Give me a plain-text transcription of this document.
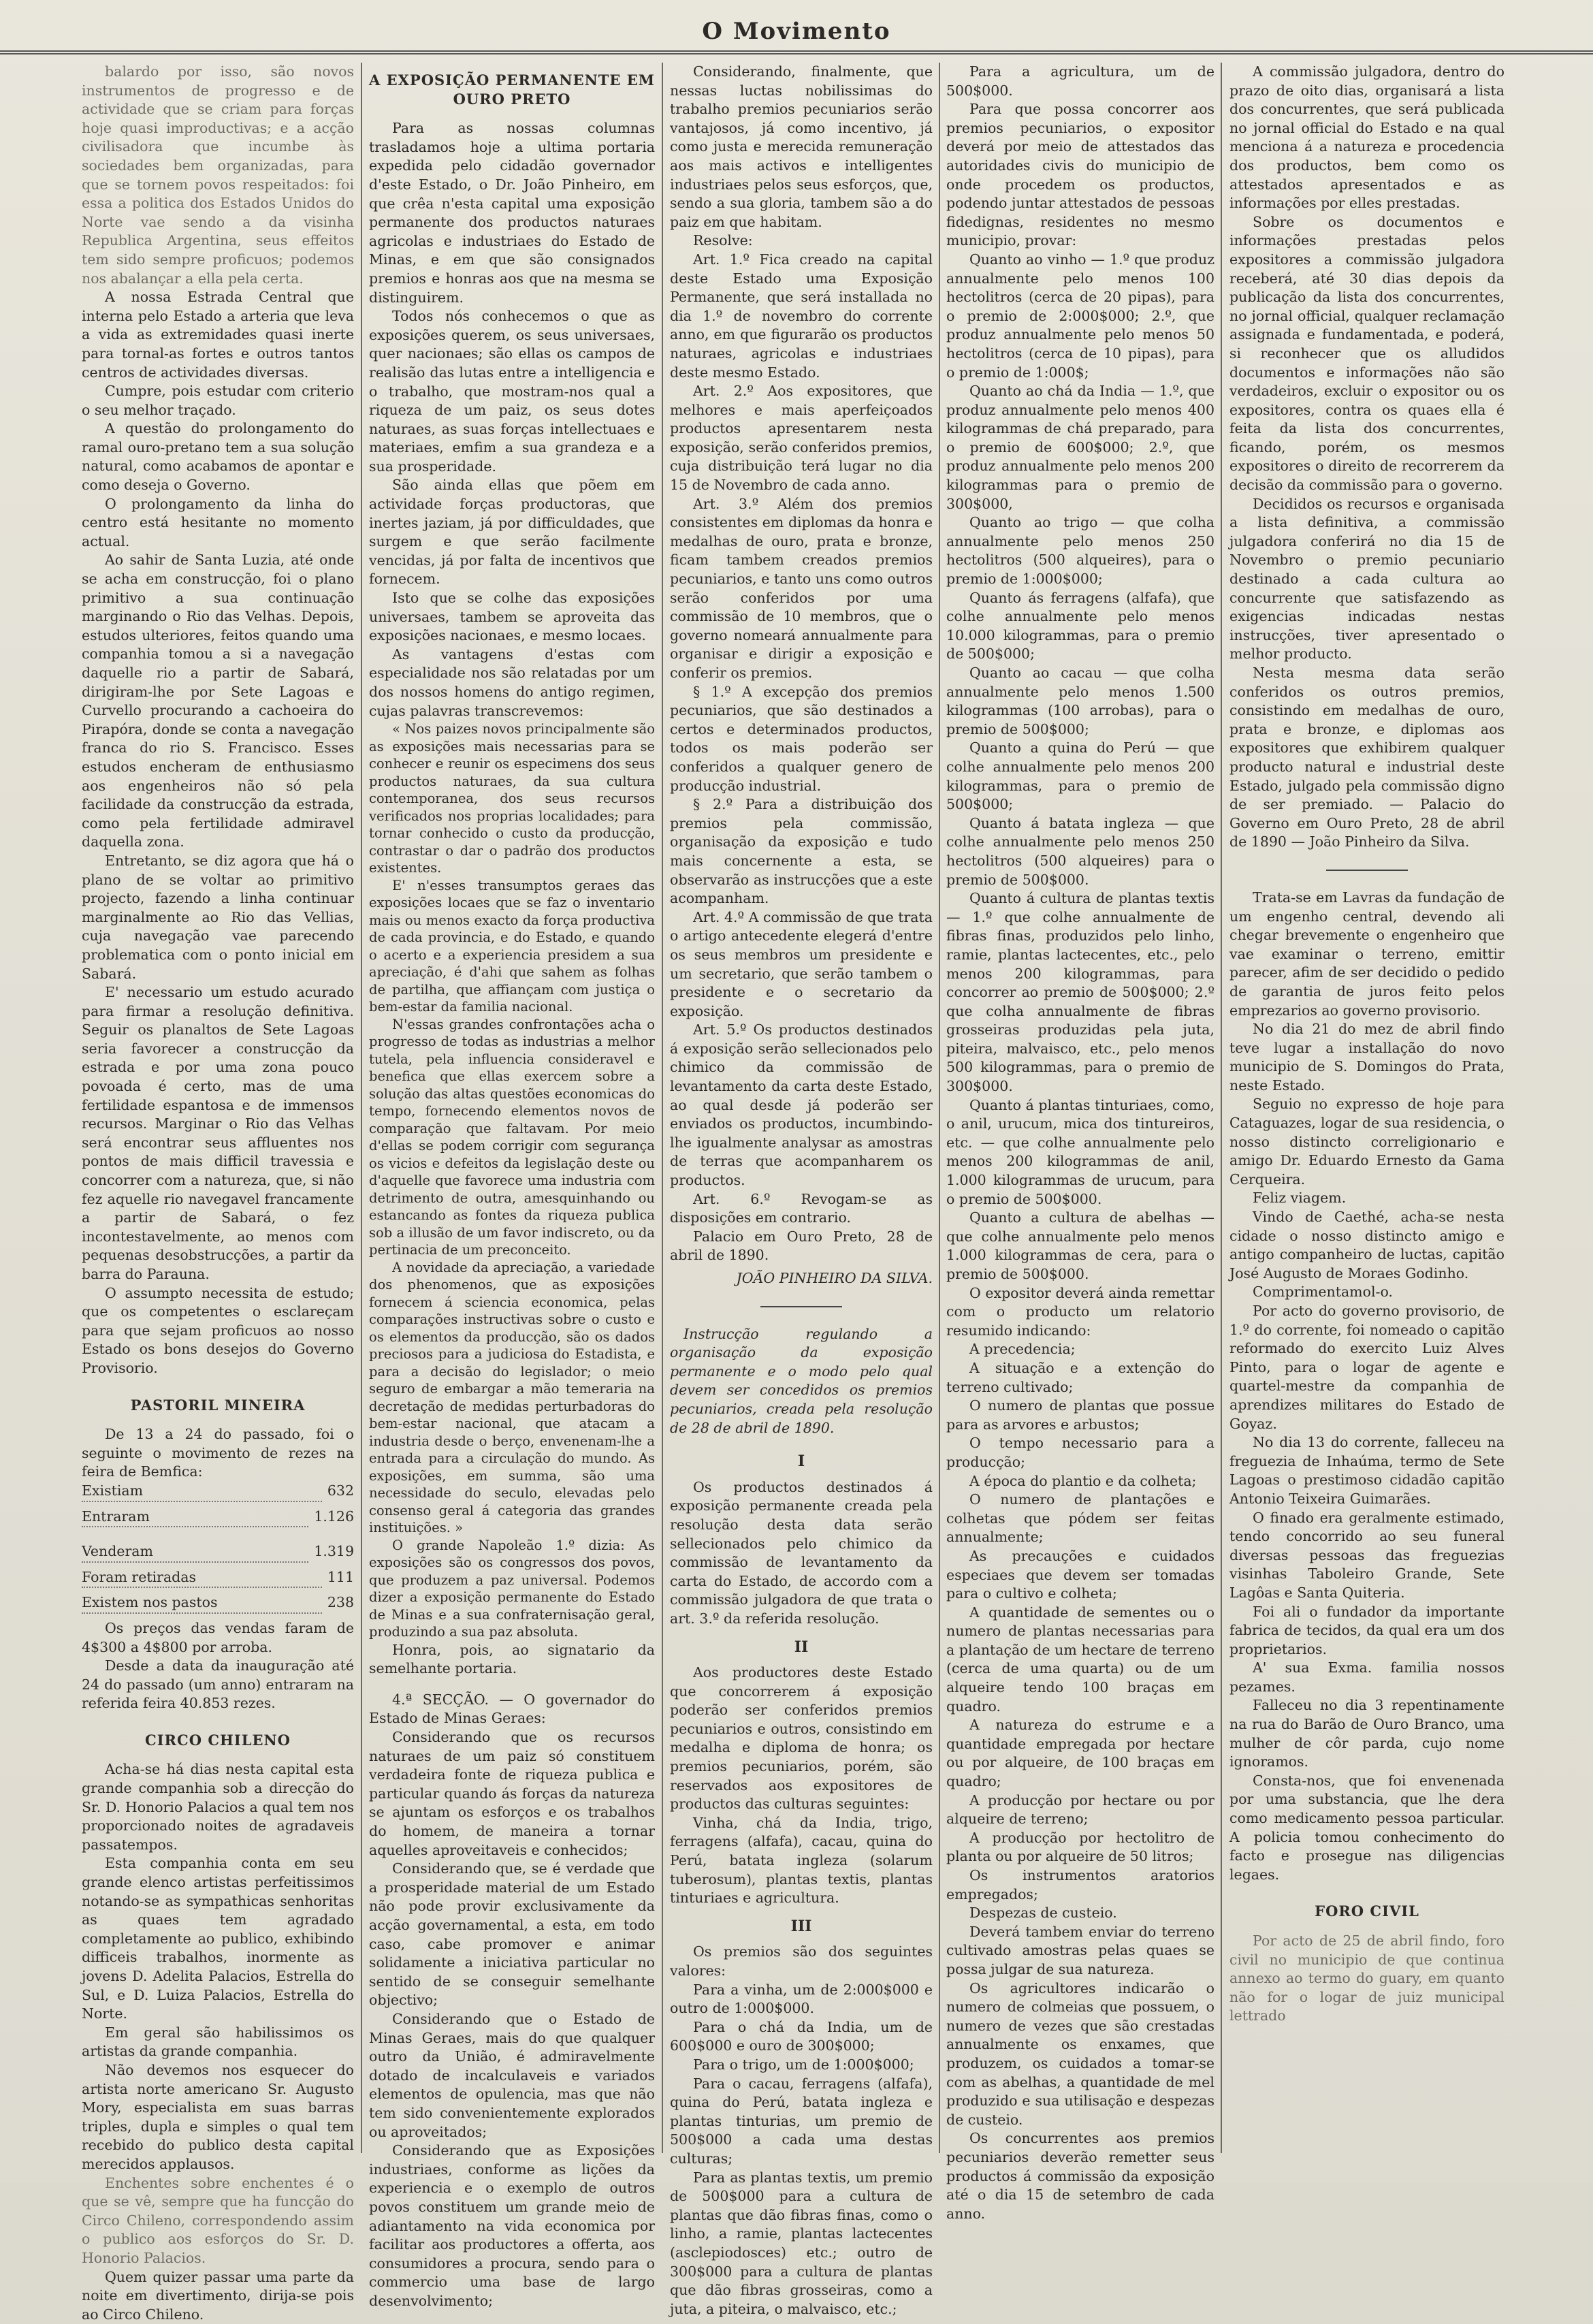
O Movimento

balardo por isso, são novos instrumentos de progresso e de actividade que se criam para forças hoje quasi improductivas; e a acção civilisadora que incumbe às sociedades bem organizadas, para que se tornem povos respeitados: foi essa a politica dos Estados Unidos do Norte vae sendo a da visinha Republica Argentina, seus effeitos tem sido sempre proficuos; podemos nos abalançar a ella pela certa.

A nossa Estrada Central que interna pelo Estado a arteria que leva a vida as extremidades quasi inerte para tornal-as fortes e outros tantos centros de actividades diversas.

Cumpre, pois estudar com criterio o seu melhor traçado.

A questão do prolongamento do ramal ouro-pretano tem a sua solução natural, como acabamos de apontar e como deseja o Governo.

O prolongamento da linha do centro está hesitante no momento actual.

Ao sahir de Santa Luzia, até onde se acha em construcção, foi o plano primitivo a sua continuação marginando o Rio das Velhas. Depois, estudos ulteriores, feitos quando uma companhia tomou a si a navegação daquelle rio a partir de Sabará, dirigiram-lhe por Sete Lagoas e Curvello procurando a cachoeira do Pirapóra, donde se conta a navegação franca do rio S. Francisco. Esses estudos encheram de enthusiasmo aos engenheiros não só pela facilidade da construcção da estrada, como pela fertilidade admiravel daquella zona.

Entretanto, se diz agora que há o plano de se voltar ao primitivo projecto, fazendo a linha continuar marginalmente ao Rio das Vellias, cuja navegação vae parecendo problematica com o ponto inicial em Sabará.

E' necessario um estudo acurado para firmar a resolução definitiva. Seguir os planaltos de Sete Lagoas seria favorecer a construcção da estrada e por uma zona pouco povoada é certo, mas de uma fertilidade espantosa e de immensos recursos. Marginar o Rio das Velhas será encontrar seus affluentes nos pontos de mais difficil travessia e concorrer com a natureza, que, si não fez aquelle rio navegavel francamente a partir de Sabará, o fez incontestavelmente, ao menos com pequenas desobstrucções, a partir da barra do Parauna.

O assumpto necessita de estudo; que os competentes o esclareçam para que sejam proficuos ao nosso Estado os bons desejos do Governo Provisorio.

PASTORIL MINEIRA

De 13 a 24 do passado, foi o seguinte o movimento de rezes na feira de Bemfica:

Existiam	632
Entraram	1.126
Venderam	1.319
Foram retiradas	111
Existem nos pastos	238

Os preços das vendas faram de 4$300 a 4$800 por arroba.

Desde a data da inauguração até 24 do passado (um anno) entraram na referida feira 40.853 rezes.

CIRCO CHILENO

Acha-se há dias nesta capital esta grande companhia sob a direcção do Sr. D. Honorio Palacios a qual tem nos proporcionado noites de agradaveis passatempos.

Esta companhia conta em seu grande elenco artistas perfeitissimos notando-se as sympathicas senhoritas as quaes tem agradado completamente ao publico, exhibindo difficeis trabalhos, inormente as jovens D. Adelita Palacios, Estrella do Sul, e D. Luiza Palacios, Estrella do Norte.

Em geral são habilissimos os artistas da grande companhia.

Não devemos nos esquecer do artista norte americano Sr. Augusto Mory, especialista em suas barras triples, dupla e simples o qual tem recebido do publico desta capital merecidos applausos.

Enchentes sobre enchentes é o que se vê, sempre que ha funcção do Circo Chileno, correspondendo assim o publico aos esforços do Sr. D. Honorio Palacios.

Quem quizer passar uma parte da noite em divertimento, dirija-se pois ao Circo Chileno.

A EXPOSIÇÃO PERMANENTE EM OURO PRETO

Para as nossas columnas trasladamos hoje a ultima portaria expedida pelo cidadão governador d'este Estado, o Dr. João Pinheiro, em que crêa n'esta capital uma exposição permanente dos productos naturaes agricolas e industriaes do Estado de Minas, e em que são consignados premios e honras aos que na mesma se distinguirem.

Todos nós conhecemos o que as exposições querem, os seus universaes, quer nacionaes; são ellas os campos de realisão das lutas entre a intelligencia e o trabalho, que mostram-nos qual a riqueza de um paiz, os seus dotes naturaes, as suas forças intellectuaes e materiaes, emfim a sua grandeza e a sua prosperidade.

São ainda ellas que põem em actividade forças productoras, que inertes jaziam, já por difficuldades, que surgem e que serão facilmente vencidas, já por falta de incentivos que fornecem.

Isto que se colhe das exposições universaes, tambem se aproveita das exposições nacionaes, e mesmo locaes.

As vantagens d'estas com especialidade nos são relatadas por um dos nossos homens do antigo regimen, cujas palavras transcrevemos:

« Nos paizes novos principalmente são as exposições mais necessarias para se conhecer e reunir os especimens dos seus productos naturaes, da sua cultura contemporanea, dos seus recursos verificados nos proprias localidades; para tornar conhecido o custo da producção, contrastar o dar o padrão dos productos existentes.

E' n'esses transumptos geraes das exposições locaes que se faz o inventario mais ou menos exacto da força productiva de cada provincia, e do Estado, e quando o acerto e a experiencia presidem a sua apreciação, é d'ahi que sahem as folhas de partilha, que affiançam com justiça o bem-estar da familia nacional.

N'essas grandes confrontações acha o progresso de todas as industrias a melhor tutela, pela influencia consideravel e benefica que ellas exercem sobre a solução das altas questões economicas do tempo, fornecendo elementos novos de comparação que faltavam. Por meio d'ellas se podem corrigir com segurança os vicios e defeitos da legislação deste ou d'aquelle que favorece uma industria com detrimento de outra, amesquinhando ou estancando as fontes da riqueza publica sob a illusão de um favor indiscreto, ou da pertinacia de um preconceito.

A novidade da apreciação, a variedade dos phenomenos, que as exposições fornecem á sciencia economica, pelas comparações instructivas sobre o custo e os elementos da producção, são os dados preciosos para a judiciosa do Estadista, e para a decisão do legislador; o meio seguro de embargar a mão temeraria na decretação de medidas perturbadoras do bem-estar nacional, que atacam a industria desde o berço, envenenam-lhe a entrada para a circulação do mundo. As exposições, em summa, são uma necessidade do seculo, elevadas pelo consenso geral á categoria das grandes instituições. »

O grande Napoleão 1.º dizia: As exposições são os congressos dos povos, que produzem a paz universal. Podemos dizer a exposição permanente do Estado de Minas e a sua confraternisação geral, produzindo a sua paz absoluta.

Honra, pois, ao signatario da semelhante portaria.

4.ª SECÇÃO. — O governador do Estado de Minas Geraes:

Considerando que os recursos naturaes de um paiz só constituem verdadeira fonte de riqueza publica e particular quando ás forças da natureza se ajuntam os esforços e os trabalhos do homem, de maneira a tornar aquelles aproveitaveis e conhecidos;

Considerando que, se é verdade que a prosperidade material de um Estado não pode provir exclusivamente da acção governamental, a esta, em todo caso, cabe promover e animar solidamente a iniciativa particular no sentido de se conseguir semelhante objectivo;

Considerando que o Estado de Minas Geraes, mais do que qualquer outro da União, é admiravelmente dotado de incalculaveis e variados elementos de opulencia, mas que não tem sido convenientemente explorados ou aproveitados;

Considerando que as Exposições industriaes, conforme as lições da experiencia e o exemplo de outros povos constituem um grande meio de adiantamento na vida economica por facilitar aos productores a offerta, aos consumidores a procura, sendo para o commercio uma base de largo desenvolvimento;

Considerando, finalmente, que nessas luctas nobilissimas do trabalho premios pecuniarios serão vantajosos, já como incentivo, já como justa e merecida remuneração aos mais activos e intelligentes industriaes pelos seus esforços, que, sendo a sua gloria, tambem são a do paiz em que habitam.

Resolve:

Art. 1.º Fica creado na capital deste Estado uma Exposição Permanente, que será installada no dia 1.º de novembro do corrente anno, em que figurarão os productos naturaes, agricolas e industriaes deste mesmo Estado.

Art. 2.º Aos expositores, que melhores e mais aperfeiçoados productos apresentarem nesta exposição, serão conferidos premios, cuja distribuição terá lugar no dia 15 de Novembro de cada anno.

Art. 3.º Além dos premios consistentes em diplomas da honra e medalhas de ouro, prata e bronze, ficam tambem creados premios pecuniarios, e tanto uns como outros serão conferidos por uma commissão de 10 membros, que o governo nomeará annualmente para organisar e dirigir a exposição e conferir os premios.

§ 1.º A excepção dos premios pecuniarios, que são destinados a certos e determinados productos, todos os mais poderão ser conferidos a qualquer genero de producção industrial.

§ 2.º Para a distribuição dos premios pela commissão, organisação da exposição e tudo mais concernente a esta, se observarão as instrucções que a este acompanham.

Art. 4.º A commissão de que trata o artigo antecedente elegerá d'entre os seus membros um presidente e um secretario, que serão tambem o presidente e o secretario da exposição.

Art. 5.º Os productos destinados á exposição serão sellecionados pelo chimico da commissão de levantamento da carta deste Estado, ao qual desde já poderão ser enviados os productos, incumbindo-lhe igualmente analysar as amostras de terras que acompanharem os productos.

Art. 6.º Revogam-se as disposições em contrario.

Palacio em Ouro Preto, 28 de abril de 1890.

JOÃO PINHEIRO DA SILVA.

Instrucção regulando a organisação da exposição permanente e o modo pelo qual devem ser concedidos os premios pecuniarios, creada pela resolução de 28 de abril de 1890.

I

Os productos destinados á exposição permanente creada pela resolução desta data serão sellecionados pelo chimico da commissão de levantamento da carta do Estado, de accordo com a commissão julgadora de que trata o art. 3.º da referida resolução.

II

Aos productores deste Estado que concorrerem á exposição poderão ser conferidos premios pecuniarios e outros, consistindo em medalha e diploma de honra; os premios pecuniarios, porém, são reservados aos expositores de productos das culturas seguintes:

Vinha, chá da India, trigo, ferragens (alfafa), cacau, quina do Perú, batata ingleza (solarum tuberosum), plantas textis, plantas tinturiaes e agricultura.

III

Os premios são dos seguintes valores:

Para a vinha, um de 2:000$000 e outro de 1:000$000.

Para o chá da India, um de 600$000 e ouro de 300$000;

Para o trigo, um de 1:000$000;

Para o cacau, ferragens (alfafa), quina do Perú, batata ingleza e plantas tinturias, um premio de 500$000 a cada uma destas culturas;

Para as plantas textis, um premio de 500$000 para a cultura de plantas que dão fibras finas, como o linho, a ramie, plantas lactecentes (asclepiodosces) etc.; outro de 300$000 para a cultura de plantas que dão fibras grosseiras, como a juta, a piteira, o malvaisco, etc.;

Para a agricultura, um de 500$000.

Para que possa concorrer aos premios pecuniarios, o expositor deverá por meio de attestados das autoridades civis do municipio de onde procedem os productos, podendo juntar attestados de pessoas fidedignas, residentes no mesmo municipio, provar:

Quanto ao vinho — 1.º que produz annualmente pelo menos 100 hectolitros (cerca de 20 pipas), para o premio de 2:000$000; 2.º, que produz annualmente pelo menos 50 hectolitros (cerca de 10 pipas), para o premio de 1:000$;

Quanto ao chá da India — 1.º, que produz annualmente pelo menos 400 kilogrammas de chá preparado, para o premio de 600$000; 2.º, que produz annualmente pelo menos 200 kilogrammas para o premio de 300$000,

Quanto ao trigo — que colha annualmente pelo menos 250 hectolitros (500 alqueires), para o premio de 1:000$000;

Quanto ás ferragens (alfafa), que colhe annualmente pelo menos 10.000 kilogrammas, para o premio de 500$000;

Quanto ao cacau — que colha annualmente pelo menos 1.500 kilogrammas (100 arrobas), para o premio de 500$000;

Quanto a quina do Perú — que colhe annualmente pelo menos 200 kilogrammas, para o premio de 500$000;

Quanto á batata ingleza — que colhe annualmente pelo menos 250 hectolitros (500 alqueires) para o premio de 500$000.

Quanto á cultura de plantas textis — 1.º que colhe annualmente de fibras finas, produzidos pelo linho, ramie, plantas lactecentes, etc., pelo menos 200 kilogrammas, para concorrer ao premio de 500$000; 2.º que colha annualmente de fibras grosseiras produzidas pela juta, piteira, malvaisco, etc., pelo menos 500 kilogrammas, para o premio de 300$000.

Quanto á plantas tinturiaes, como, o anil, urucum, mica dos tintureiros, etc. — que colhe annualmente pelo menos 200 kilogrammas de anil, 1.000 kilogrammas de urucum, para o premio de 500$000.

Quanto a cultura de abelhas — que colhe annualmente pelo menos 1.000 kilogrammas de cera, para o premio de 500$000.

O expositor deverá ainda remettar com o producto um relatorio resumido indicando:

A precedencia;

A situação e a extenção do terreno cultivado;

O numero de plantas que possue para as arvores e arbustos;

O tempo necessario para a producção;

A época do plantio e da colheta;

O numero de plantações e colhetas que pódem ser feitas annualmente;

As precauções e cuidados especiaes que devem ser tomadas para o cultivo e colheta;

A quantidade de sementes ou o numero de plantas necessarias para a plantação de um hectare de terreno (cerca de uma quarta) ou de um alqueire tendo 100 braças em quadro.

A natureza do estrume e a quantidade empregada por hectare ou por alqueire, de 100 braças em quadro;

A producção por hectare ou por alqueire de terreno;

A producção por hectolitro de planta ou por alqueire de 50 litros;

Os instrumentos aratorios empregados;

Despezas de custeio.

Deverá tambem enviar do terreno cultivado amostras pelas quaes se possa julgar de sua natureza.

Os agricultores indicarão o numero de colmeias que possuem, o numero de vezes que são crestadas annualmente os enxames, que produzem, os cuidados a tomar-se com as abelhas, a quantidade de mel produzido e sua utilisação e despezas de custeio.

Os concurrentes aos premios pecuniarios deverão remetter seus productos á commissão da exposição até o dia 15 de setembro de cada anno.

A commissão julgadora, dentro do prazo de oito dias, organisará a lista dos concurrentes, que será publicada no jornal official do Estado e na qual menciona á a natureza e procedencia dos productos, bem como os attestados apresentados e as informações por elles prestadas.

Sobre os documentos e informações prestadas pelos expositores a commissão julgadora receberá, até 30 dias depois da publicação da lista dos concurrentes, no jornal official, qualquer reclamação assignada e fundamentada, e poderá, si reconhecer que os alludidos documentos e informações não são verdadeiros, excluir o expositor ou os expositores, contra os quaes ella é feita da lista dos concurrentes, ficando, porém, os mesmos expositores o direito de recorrerem da decisão da commissão para o governo.

Decididos os recursos e organisada a lista definitiva, a commissão julgadora conferirá no dia 15 de Novembro o premio pecuniario destinado a cada cultura ao concurrente que satisfazendo as exigencias indicadas nestas instrucções, tiver apresentado o melhor producto.

Nesta mesma data serão conferidos os outros premios, consistindo em medalhas de ouro, prata e bronze, e diplomas aos expositores que exhibirem qualquer producto natural e industrial deste Estado, julgado pela commissão digno de ser premiado. — Palacio do Governo em Ouro Preto, 28 de abril de 1890 — João Pinheiro da Silva.

Trata-se em Lavras da fundação de um engenho central, devendo ali chegar brevemente o engenheiro que vae examinar o terreno, emittir parecer, afim de ser decidido o pedido de garantia de juros feito pelos emprezarios ao governo provisorio.

No dia 21 do mez de abril findo teve lugar a installação do novo municipio de S. Domingos do Prata, neste Estado.

Seguio no expresso de hoje para Cataguazes, logar de sua residencia, o nosso distincto correligionario e amigo Dr. Eduardo Ernesto da Gama Cerqueira.

Feliz viagem.

Vindo de Caethé, acha-se nesta cidade o nosso distincto amigo e antigo companheiro de luctas, capitão José Augusto de Moraes Godinho.

Comprimentamol-o.

Por acto do governo provisorio, de 1.º do corrente, foi nomeado o capitão reformado do exercito Luiz Alves Pinto, para o logar de agente e quartel-mestre da companhia de aprendizes militares do Estado de Goyaz.

No dia 13 do corrente, falleceu na freguezia de Inhaúma, termo de Sete Lagoas o prestimoso cidadão capitão Antonio Teixeira Guimarães.

O finado era geralmente estimado, tendo concorrido ao seu funeral diversas pessoas das freguezias visinhas Taboleiro Grande, Sete Lagôas e Santa Quiteria.

Foi ali o fundador da importante fabrica de tecidos, da qual era um dos proprietarios.

A' sua Exma. familia nossos pezames.

Falleceu no dia 3 repentinamente na rua do Barão de Ouro Branco, uma mulher de côr parda, cujo nome ignoramos.

Consta-nos, que foi envenenada por uma substancia, que lhe dera como medicamento pessoa particular. A policia tomou conhecimento do facto e prosegue nas diligencias legaes.

FORO CIVIL

Por acto de 25 de abril findo, foro civil no municipio de que continua annexo ao termo do guary, em quanto não for o logar de juiz municipal lettrado
